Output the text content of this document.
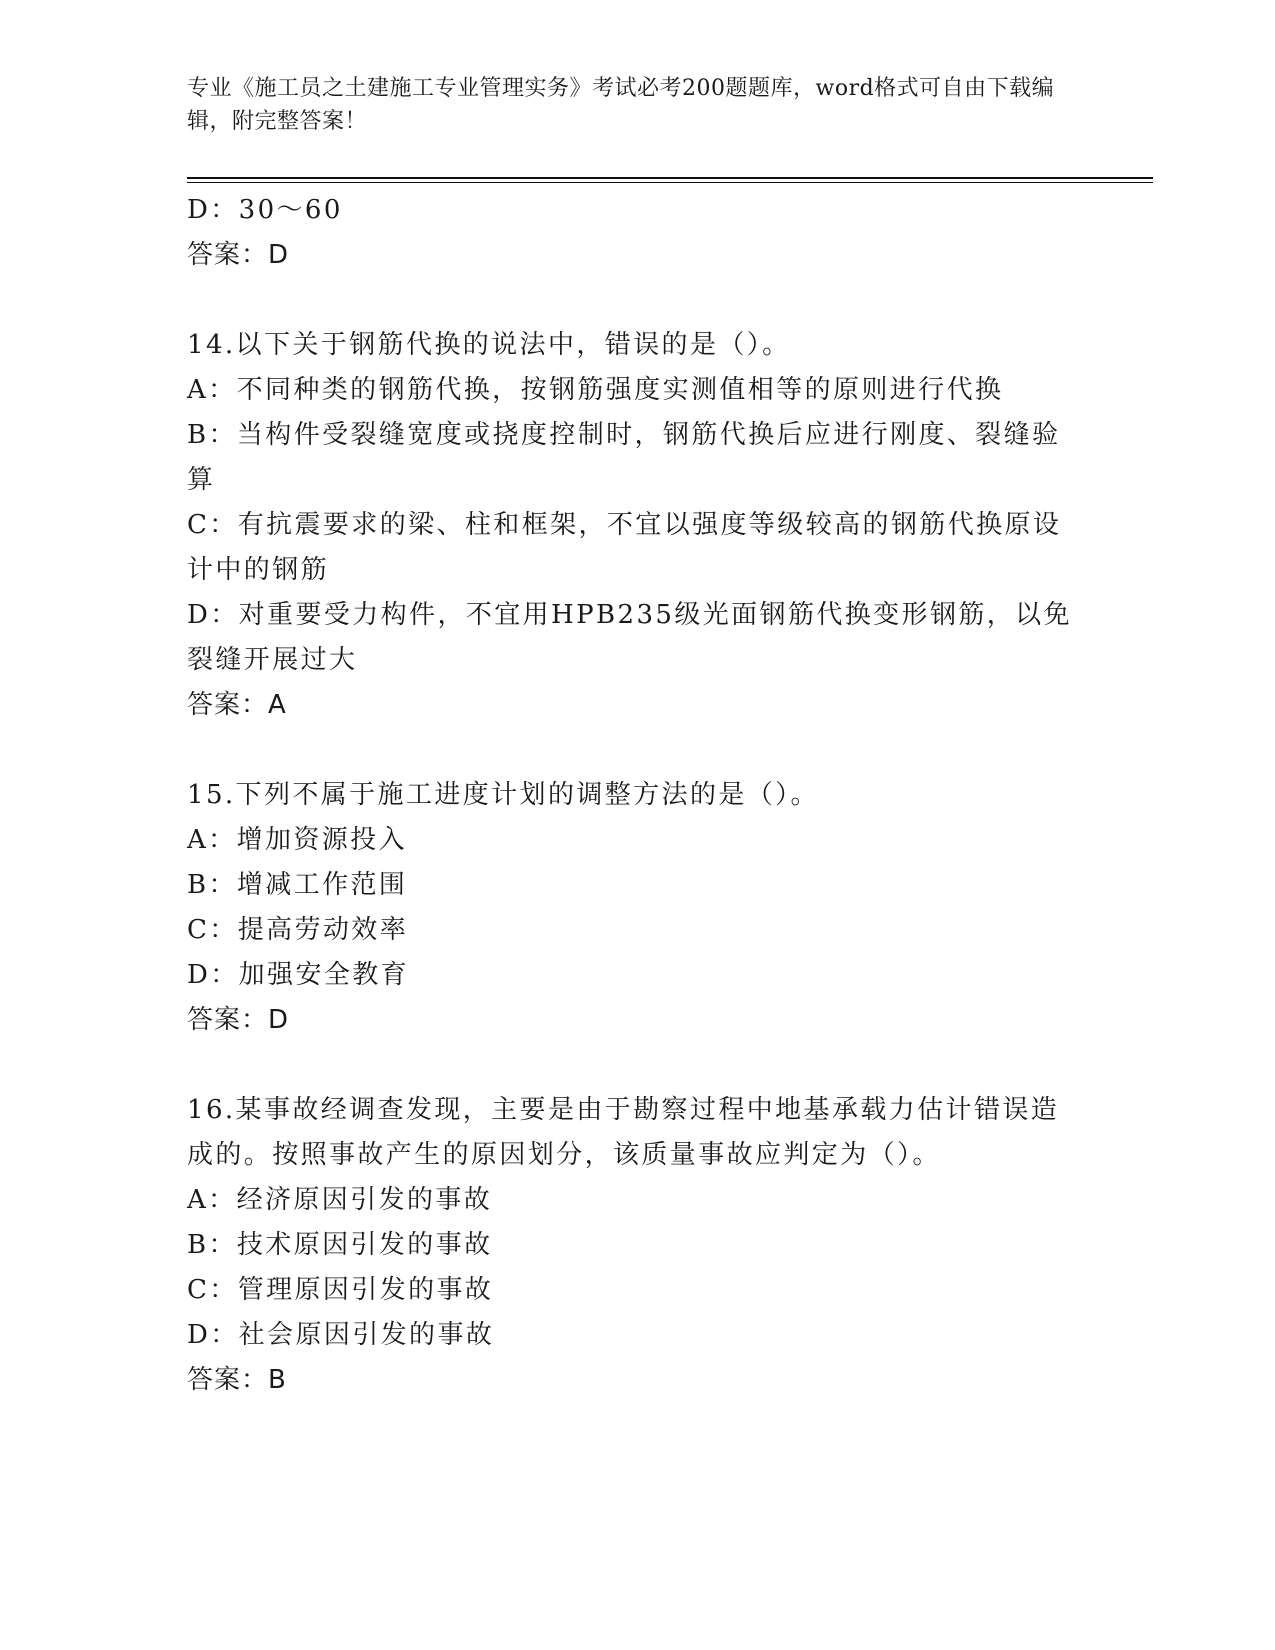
专业《施工员之土建施工专业管理实务》考试必考200题题库，word格式可自由下载编辑，附完整答案！
D：30～60
答案：D
14.以下关于钢筋代换的说法中，错误的是（）。
A：不同种类的钢筋代换，按钢筋强度实测值相等的原则进行代换
B：当构件受裂缝宽度或挠度控制时，钢筋代换后应进行刚度、裂缝验算
C：有抗震要求的梁、柱和框架，不宜以强度等级较高的钢筋代换原设计中的钢筋
D：对重要受力构件，不宜用HPB235级光面钢筋代换变形钢筋，以免裂缝开展过大
答案：A
15.下列不属于施工进度计划的调整方法的是（）。
A：增加资源投入
B：增减工作范围
C：提高劳动效率
D：加强安全教育
答案：D
16.某事故经调查发现，主要是由于勘察过程中地基承载力估计错误造成的。按照事故产生的原因划分，该质量事故应判定为（）。
A：经济原因引发的事故
B：技术原因引发的事故
C：管理原因引发的事故
D：社会原因引发的事故
答案：B
